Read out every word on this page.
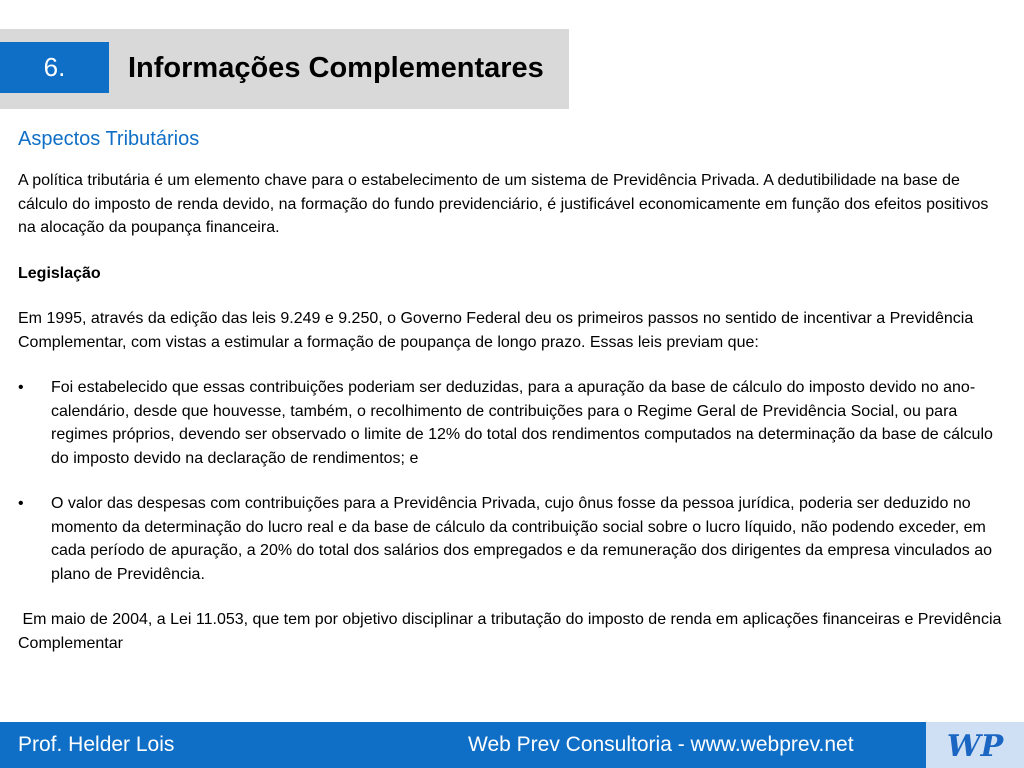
6.	Informações Complementares
Aspectos Tributários

A política tributária é um elemento chave para o estabelecimento de um sistema de Previdência Privada. A dedutibilidade na base de cálculo do imposto de renda devido, na formação do fundo previdenciário, é justificável economicamente em função dos efeitos positivos na alocação da poupança financeira.

Legislação

Em 1995, através da edição das leis 9.249 e 9.250, o Governo Federal deu os primeiros passos no sentido de incentivar a Previdência Complementar, com vistas a estimular a formação de poupança de longo prazo. Essas leis previam que:

• Foi estabelecido que essas contribuições poderiam ser deduzidas, para a apuração da base de cálculo do imposto devido no ano-calendário, desde que houvesse, também, o recolhimento de contribuições para o Regime Geral de Previdência Social, ou para regimes próprios, devendo ser observado o limite de 12% do total dos rendimentos computados na determinação da base de cálculo do imposto devido na declaração de rendimentos; e
• O valor das despesas com contribuições para a Previdência Privada, cujo ônus fosse da pessoa jurídica, poderia ser deduzido no momento da determinação do lucro real e da base de cálculo da contribuição social sobre o lucro líquido, não podendo exceder, em cada período de apuração, a 20% do total dos salários dos empregados e da remuneração dos dirigentes da empresa vinculados ao plano de Previdência.

Em maio de 2004, a Lei 11.053, que tem por objetivo disciplinar a tributação do imposto de renda em aplicações financeiras e Previdência Complementar

Prof. Helder Lois	Web Prev Consultoria - www.webprev.net	WP
